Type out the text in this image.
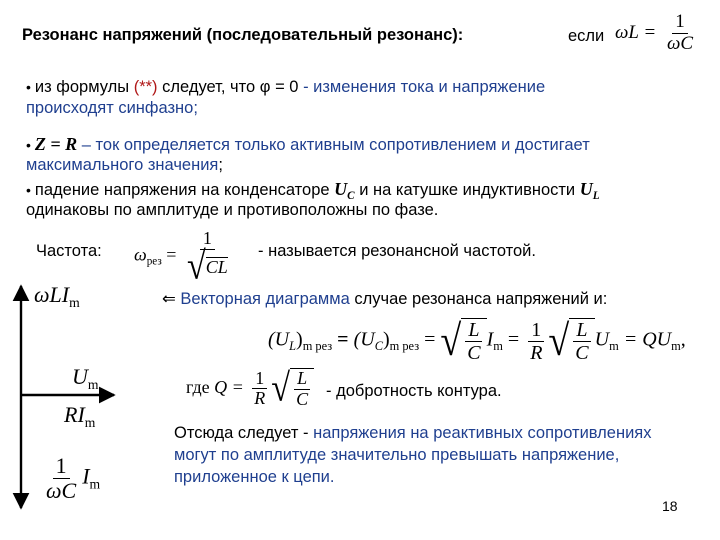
Резонанс напряжений (последовательный резонанс):	если $\omega L = \frac{1}{\omega C}$
• из формулы (**) следует, что φ = 0 - изменения тока и напряжение
происходят синфазно;
• Z = R – ток определяется только активным сопротивлением и достигает
максимального значения;
• падение напряжения на конденсаторе $U_C$ и на катушке индуктивности $U_L$
одинаковы по амплитуде и противоположны по фазе.
Частота: $\omega_{рез} = \frac{1}{√ CL}$ - называется резонансной частотой.
⇐ Векторная диаграмма случае резонанса напряжений и:
$(U_L)_{m рез} = (U_C)_{m рез}$ = √ $\frac{L}{C} I_m = \frac{1}{R}$ √ $\frac{L}{C} U_m = QU_m$,
где $Q = \frac{1}{R}$ √ $\frac{L}{C}$ - добротность контура.
Отсюда следует - напряжения на реактивных сопротивлениях
могут по амплитуде значительно превышать напряжение,
приложенное к цепи.
ωLI$_m$
$U_m$
$RI_m$
$\frac{1}{\omega C} I_m$
18
